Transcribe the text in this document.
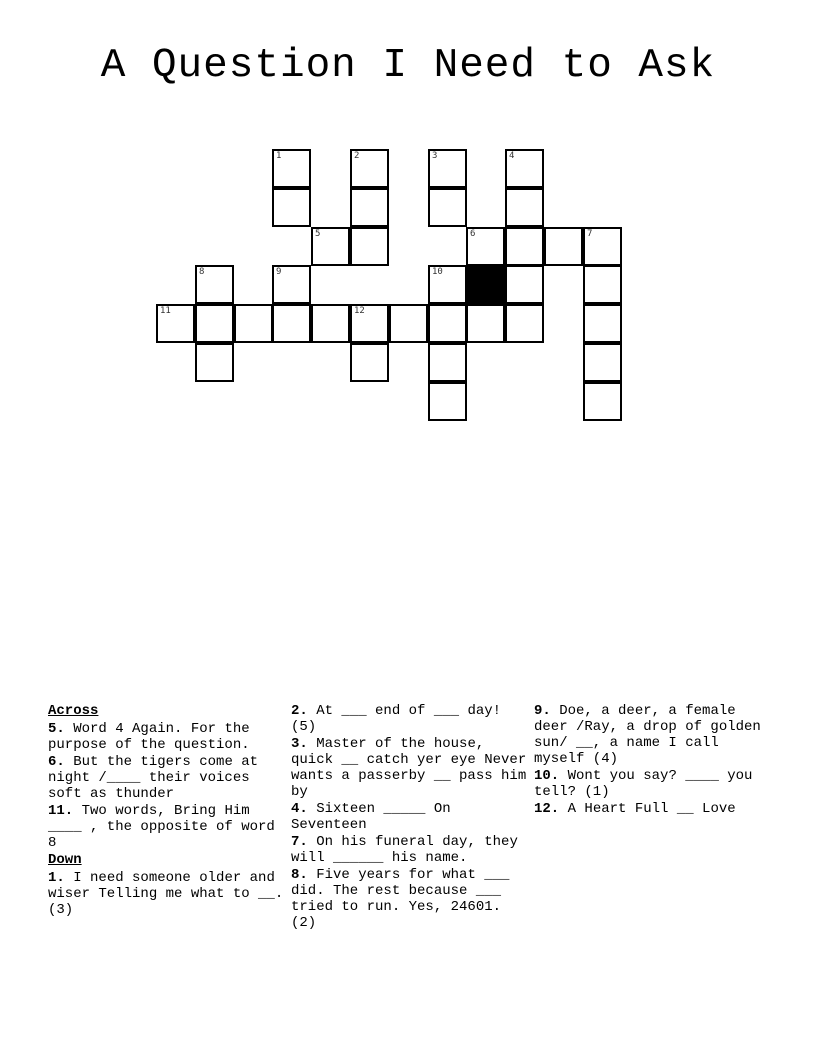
A Question I Need to Ask
1	2	3	4
5	6	7
8	9	10
11	12
Across
5. Word 4 Again. For the purpose of the question.
6. But the tigers come at night /____ their voices soft as thunder
11. Two words, Bring Him ____ , the opposite of word 8
Down
1. I need someone older and wiser Telling me what to __. (3)
2. At ___ end of ___ day! (5)
3. Master of the house, quick __ catch yer eye Never wants a passerby __ pass him by
4. Sixteen _____ On Seventeen
7. On his funeral day, they will ______ his name.
8. Five years for what ___ did. The rest because ___ tried to run. Yes, 24601. (2)
9. Doe, a deer, a female deer /Ray, a drop of golden sun/ __, a name I call myself (4)
10. Wont you say? ____ you tell? (1)
12. A Heart Full __ Love
